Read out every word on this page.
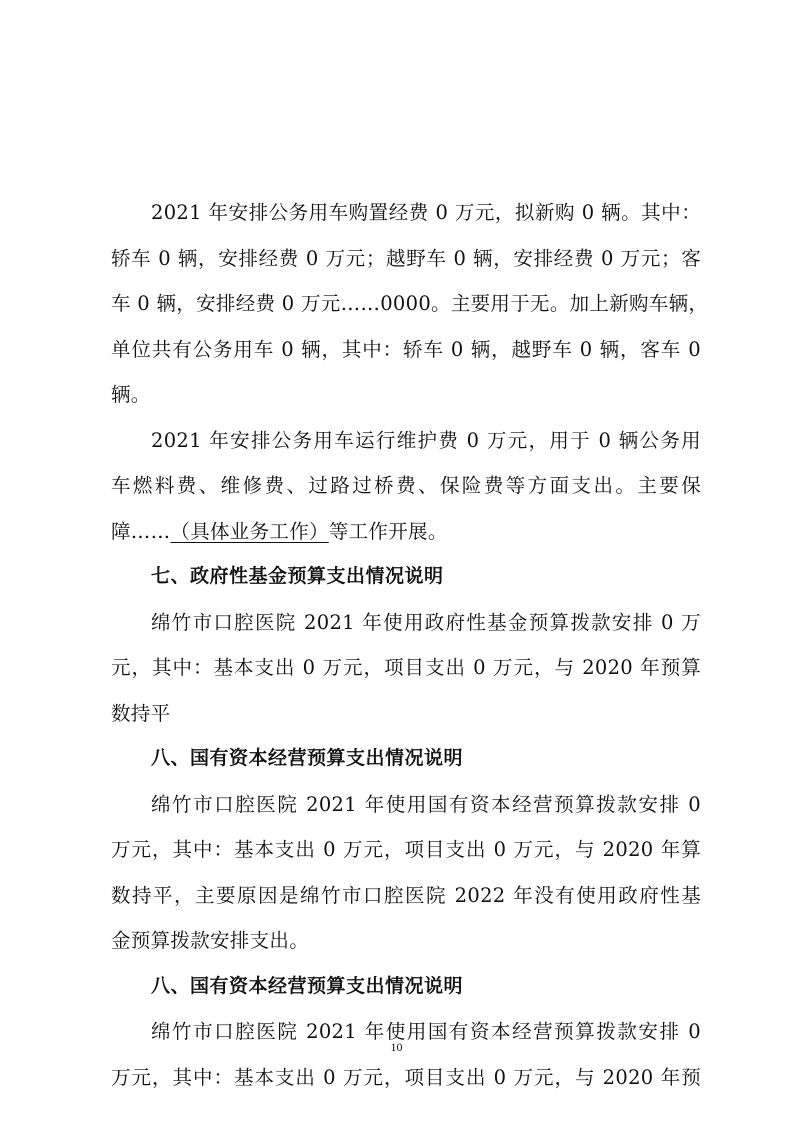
2021 年安排公务用车购置经费 0 万元，拟新购 0 辆。其中：
轿车 0 辆，安排经费 0 万元；越野车 0 辆，安排经费 0 万元；客
车 0 辆，安排经费 0 万元……0000。主要用于无。加上新购车辆，
单位共有公务用车 0 辆，其中：轿车 0 辆，越野车 0 辆，客车 0
辆。
2021 年安排公务用车运行维护费 0 万元，用于 0 辆公务用
车燃料费、维修费、过路过桥费、保险费等方面支出。主要保
障……（具体业务工作）等工作开展。
七、政府性基金预算支出情况说明
绵竹市口腔医院 2021 年使用政府性基金预算拨款安排 0 万
元，其中：基本支出 0 万元，项目支出 0 万元，与 2020 年预算
数持平
八、国有资本经营预算支出情况说明
绵竹市口腔医院 2021 年使用国有资本经营预算拨款安排 0
万元，其中：基本支出 0 万元，项目支出 0 万元，与 2020 年算
数持平，主要原因是绵竹市口腔医院 2022 年没有使用政府性基
金预算拨款安排支出。
八、国有资本经营预算支出情况说明
绵竹市口腔医院 2021 年使用国有资本经营预算拨款安排 0
万元，其中：基本支出 0 万元，项目支出 0 万元，与 2020 年预
10
